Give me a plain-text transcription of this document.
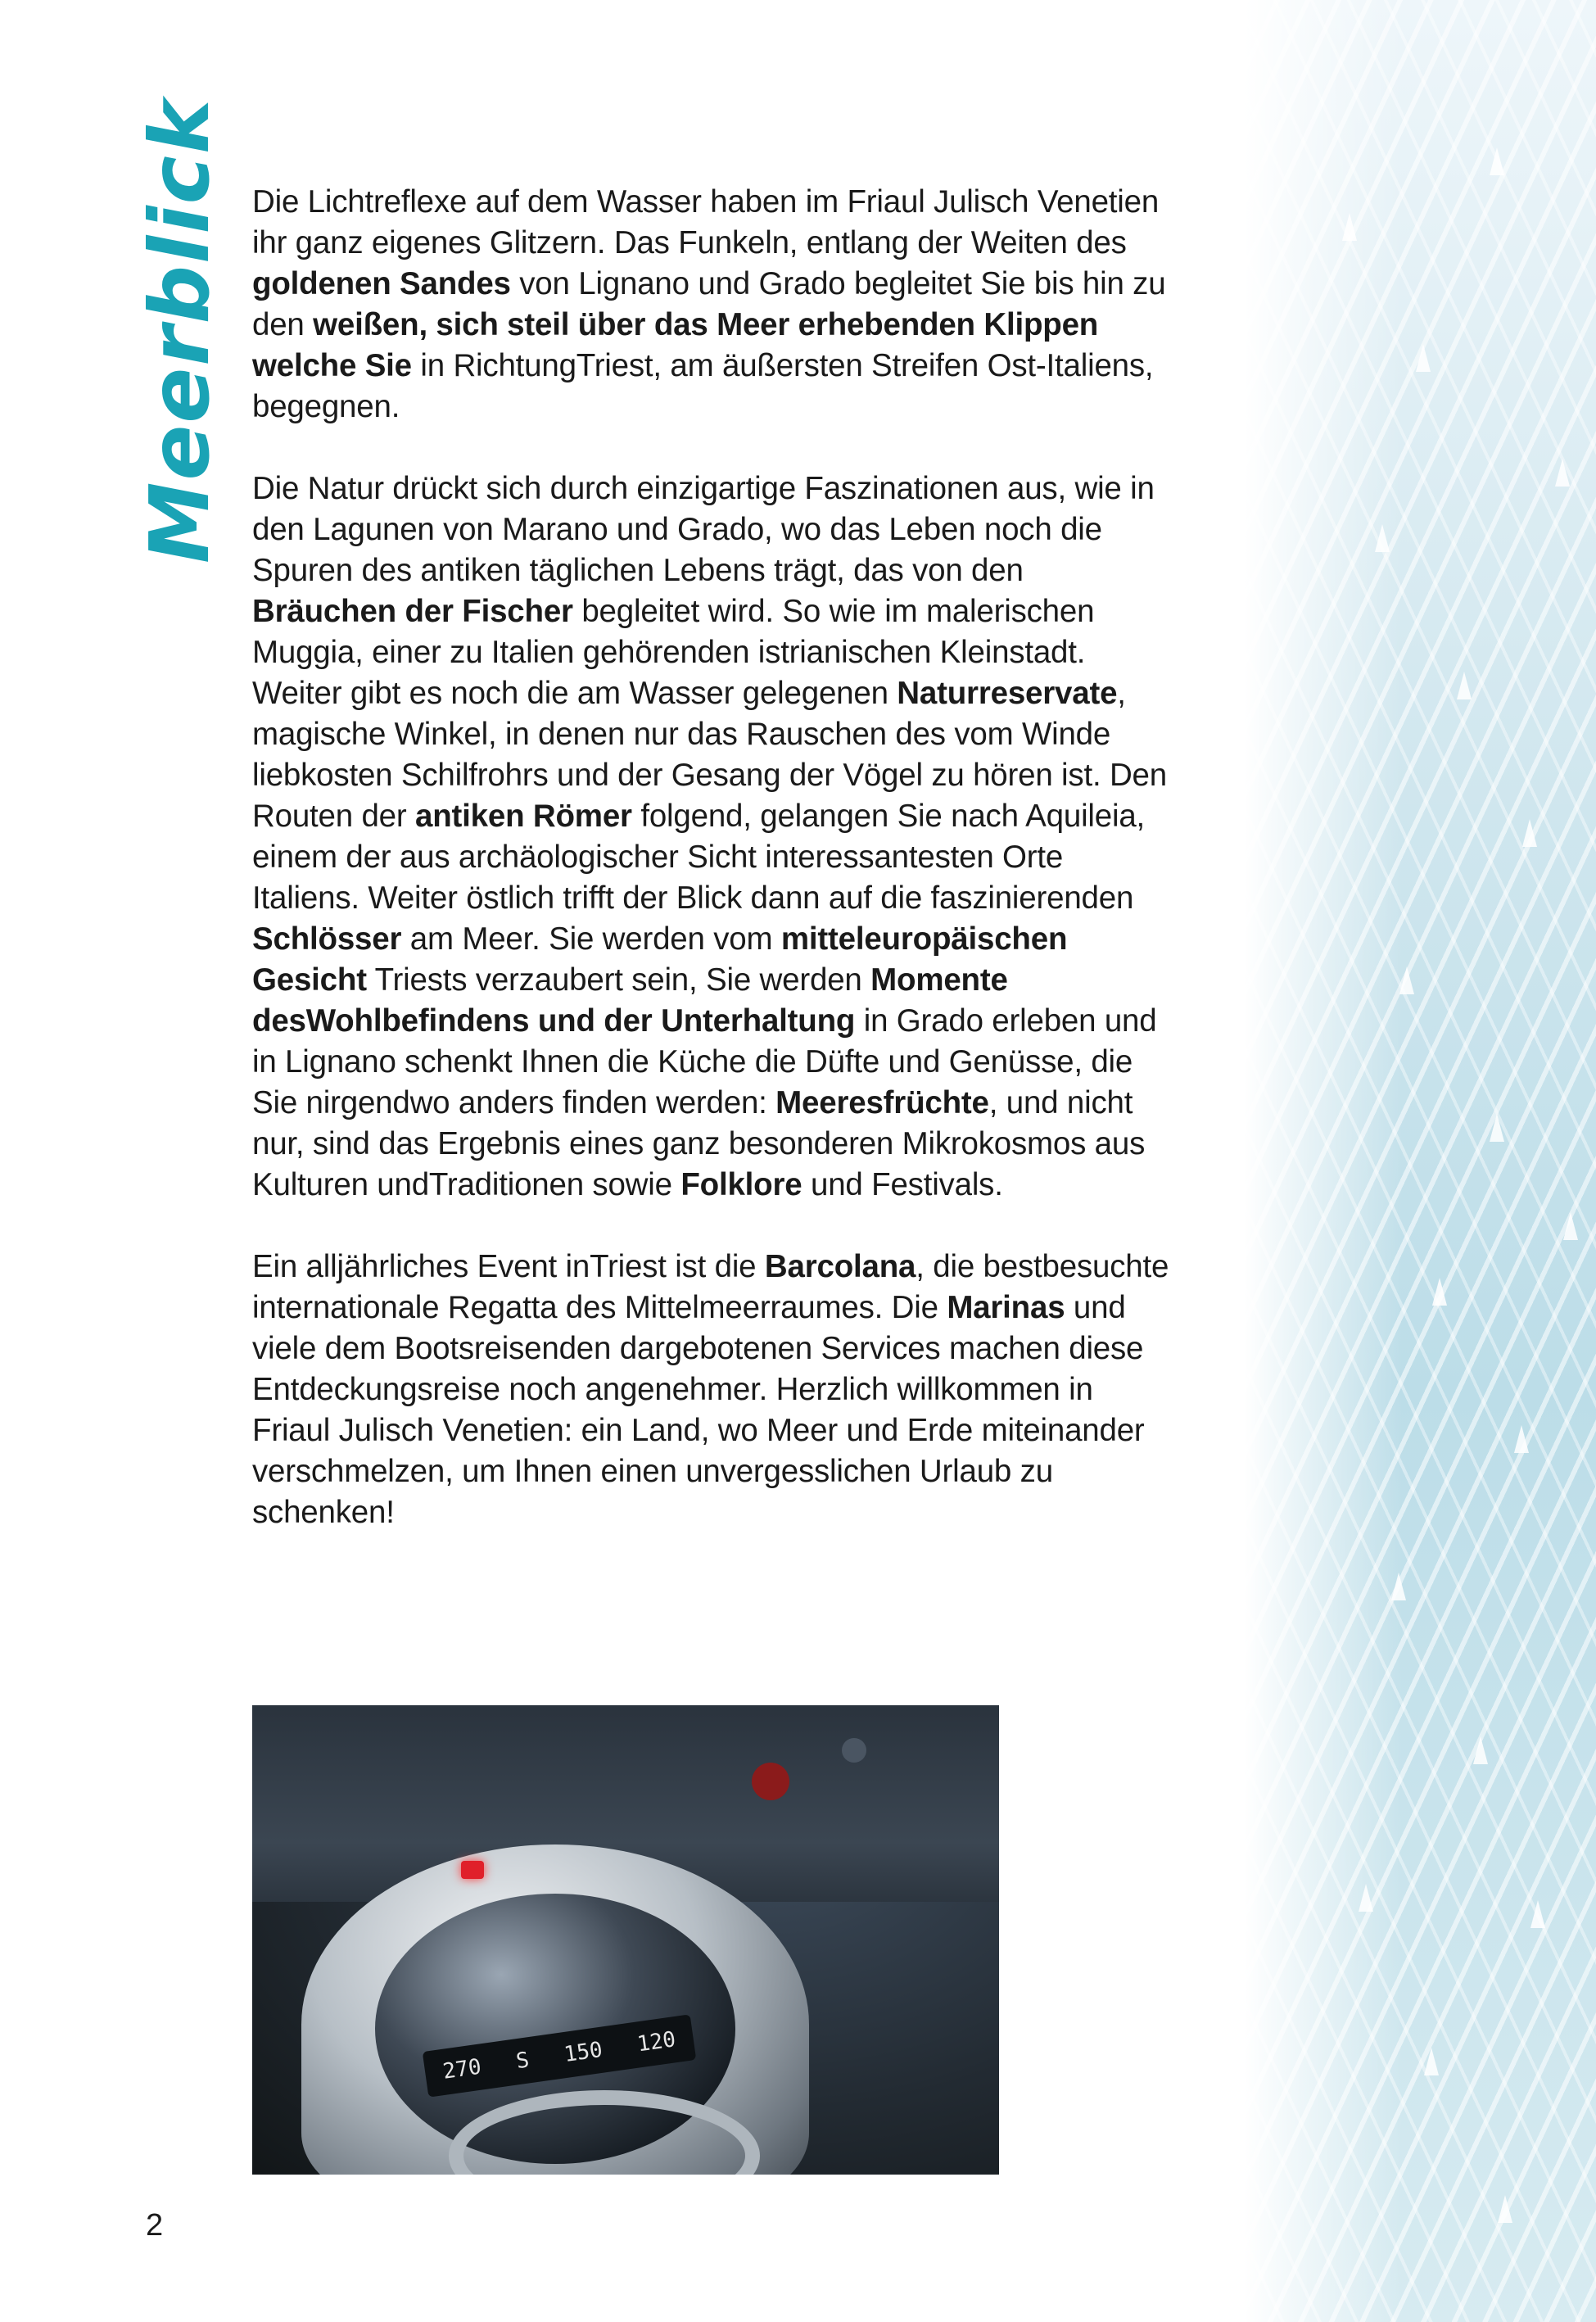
Meerblick Die Lichtreflexe auf dem Wasser haben im Friaul Julisch Venetien ihr ganz eigenes Glitzern. Das Funkeln, entlang der Weiten des goldenen Sandes von Lignano und Grado begleitet Sie bis hin zu den weißen, sich steil über das Meer erhebenden Klippen welche Sie in RichtungTriest, am äußersten Streifen Ost-Italiens, begegnen.

Die Natur drückt sich durch einzigartige Faszinationen aus, wie in den Lagunen von Marano und Grado, wo das Leben noch die Spuren des antiken täglichen Lebens trägt, das von den Bräuchen der Fischer begleitet wird. So wie im malerischen Muggia, einer zu Italien gehörenden istrianischen Kleinstadt. Weiter gibt es noch die am Wasser gelegenen Naturreservate, magische Winkel, in denen nur das Rauschen des vom Winde liebkosten Schilfrohrs und der Gesang der Vögel zu hören ist. Den Routen der antiken Römer folgend, gelangen Sie nach Aquileia, einem der aus archäologischer Sicht interessantesten Orte Italiens. Weiter östlich trifft der Blick dann auf die faszinierenden Schlösser am Meer. Sie werden vom mitteleuropäischen Gesicht Triests verzaubert sein, Sie werden Momente desWohlbefindens und der Unterhaltung in Grado erleben und in Lignano schenkt Ihnen die Küche die Düfte und Genüsse, die Sie nirgendwo anders finden werden: Meeresfrüchte, und nicht nur, sind das Ergebnis eines ganz besonderen Mikrokosmos aus Kulturen undTraditionen sowie Folklore und Festivals.

Ein alljährliches Event inTriest ist die Barcolana, die bestbesuchte internationale Regatta des Mittelmeerraumes. Die Marinas und viele dem Bootsreisenden dargebotenen Services machen diese Entdeckungsreise noch angenehmer. Herzlich willkommen in Friaul Julisch Venetien: ein Land, wo Meer und Erde miteinander verschmelzen, um Ihnen einen unvergesslichen Urlaub zu schenken!

270 S 150 120
2
